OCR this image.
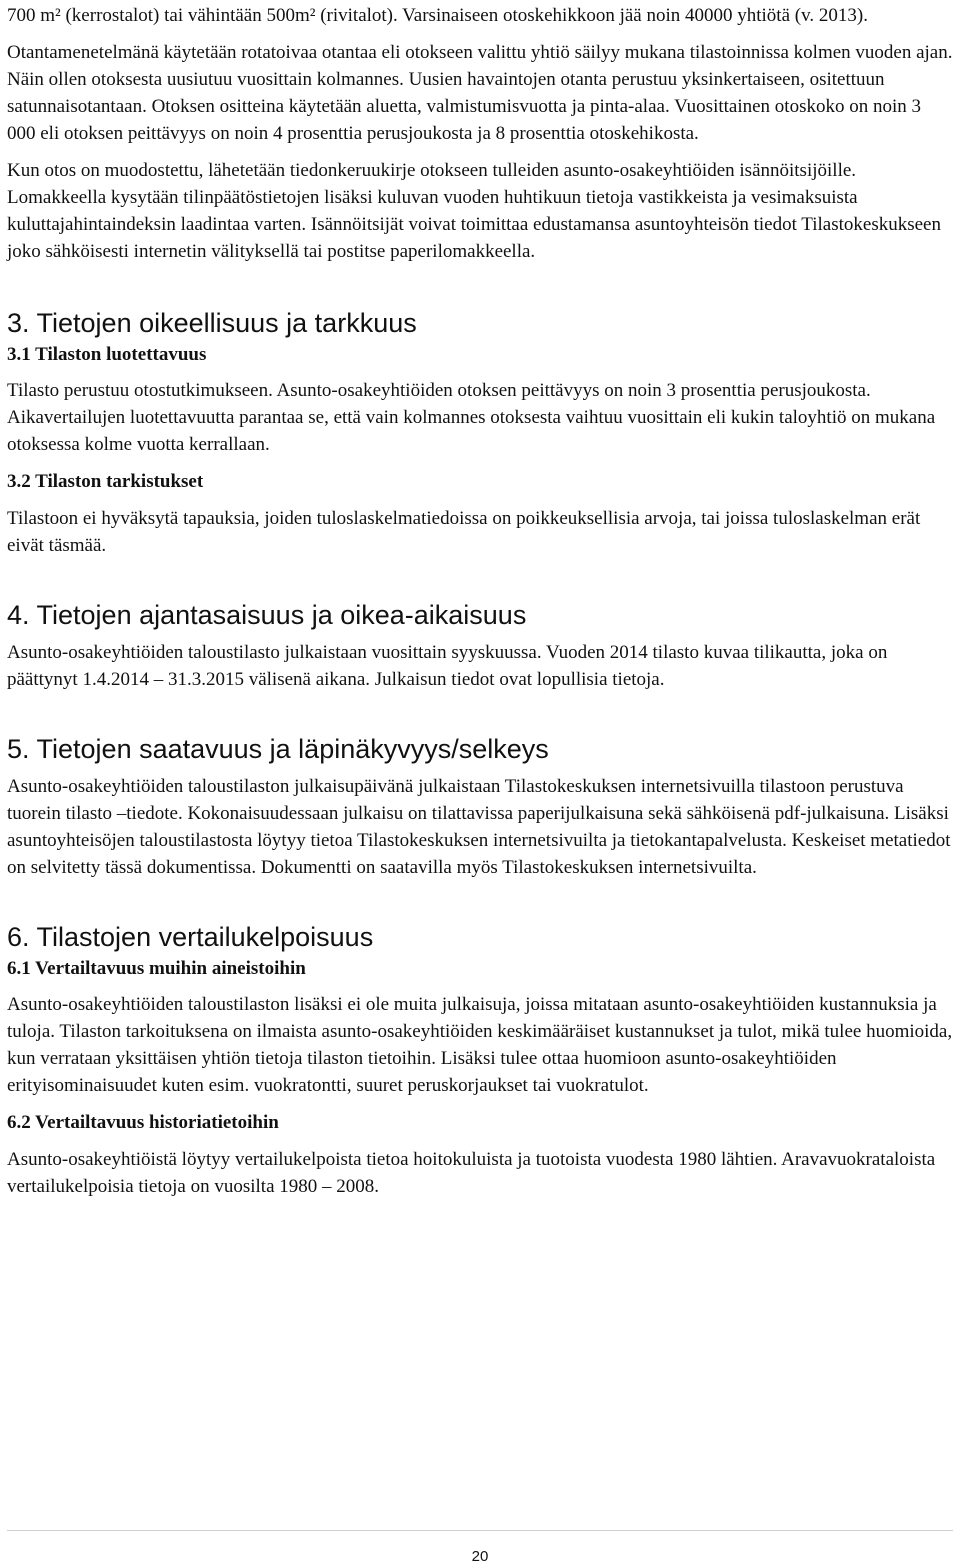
700 m² (kerrostalot) tai vähintään 500m² (rivitalot). Varsinaiseen otoskehikkoon jää noin 40000 yhtiötä (v. 2013).

Otantamenetelmänä käytetään rotatoivaa otantaa eli otokseen valittu yhtiö säilyy mukana tilastoinnissa kolmen vuoden ajan. Näin ollen otoksesta uusiutuu vuosittain kolmannes. Uusien havaintojen otanta perustuu yksinkertaiseen, ositettuun satunnaisotantaan. Otoksen ositteina käytetään aluetta, valmistumisvuotta ja pinta-alaa. Vuosittainen otoskoko on noin 3 000 eli otoksen peittävyys on noin 4 prosenttia perusjoukosta ja 8 prosenttia otoskehikosta.

Kun otos on muodostettu, lähetetään tiedonkeruukirje otokseen tulleiden asunto-osakeyhtiöiden isännöitsijöille. Lomakkeella kysytään tilinpäätöstietojen lisäksi kuluvan vuoden huhtikuun tietoja vastikkeista ja vesimaksuista kuluttajahintaindeksin laadintaa varten. Isännöitsijät voivat toimittaa edustamansa asuntoyhteisön tiedot Tilastokeskukseen joko sähköisesti internetin välityksellä tai postitse paperilomakkeella.

3. Tietojen oikeellisuus ja tarkkuus
3.1 Tilaston luotettavuus

Tilasto perustuu otostutkimukseen. Asunto-osakeyhtiöiden otoksen peittävyys on noin 3 prosenttia perusjoukosta. Aikavertailujen luotettavuutta parantaa se, että vain kolmannes otoksesta vaihtuu vuosittain eli kukin taloyhtiö on mukana otoksessa kolme vuotta kerrallaan.

3.2 Tilaston tarkistukset

Tilastoon ei hyväksytä tapauksia, joiden tuloslaskelmatiedoissa on poikkeuksellisia arvoja, tai joissa tuloslaskelman erät eivät täsmää.

4. Tietojen ajantasaisuus ja oikea-aikaisuus

Asunto-osakeyhtiöiden taloustilasto julkaistaan vuosittain syyskuussa. Vuoden 2014 tilasto kuvaa tilikautta, joka on päättynyt 1.4.2014 – 31.3.2015 välisenä aikana. Julkaisun tiedot ovat lopullisia tietoja.

5. Tietojen saatavuus ja läpinäkyvyys/selkeys

Asunto-osakeyhtiöiden taloustilaston julkaisupäivänä julkaistaan Tilastokeskuksen internetsivuilla tilastoon perustuva tuorein tilasto –tiedote. Kokonaisuudessaan julkaisu on tilattavissa paperijulkaisuna sekä sähköisenä pdf-julkaisuna. Lisäksi asuntoyhteisöjen taloustilastosta löytyy tietoa Tilastokeskuksen internetsivuilta ja tietokantapalvelusta. Keskeiset metatiedot on selvitetty tässä dokumentissa. Dokumentti on saatavilla myös Tilastokeskuksen internetsivuilta.

6. Tilastojen vertailukelpoisuus
6.1 Vertailtavuus muihin aineistoihin

Asunto-osakeyhtiöiden taloustilaston lisäksi ei ole muita julkaisuja, joissa mitataan asunto-osakeyhtiöiden kustannuksia ja tuloja. Tilaston tarkoituksena on ilmaista asunto-osakeyhtiöiden keskimääräiset kustannukset ja tulot, mikä tulee huomioida, kun verrataan yksittäisen yhtiön tietoja tilaston tietoihin. Lisäksi tulee ottaa huomioon asunto-osakeyhtiöiden erityisominaisuudet kuten esim. vuokratontti, suuret peruskorjaukset tai vuokratulot.

6.2 Vertailtavuus historiatietoihin

Asunto-osakeyhtiöistä löytyy vertailukelpoista tietoa hoitokuluista ja tuotoista vuodesta 1980 lähtien. Aravavuokrataloista vertailukelpoisia tietoja on vuosilta 1980 – 2008.

20
